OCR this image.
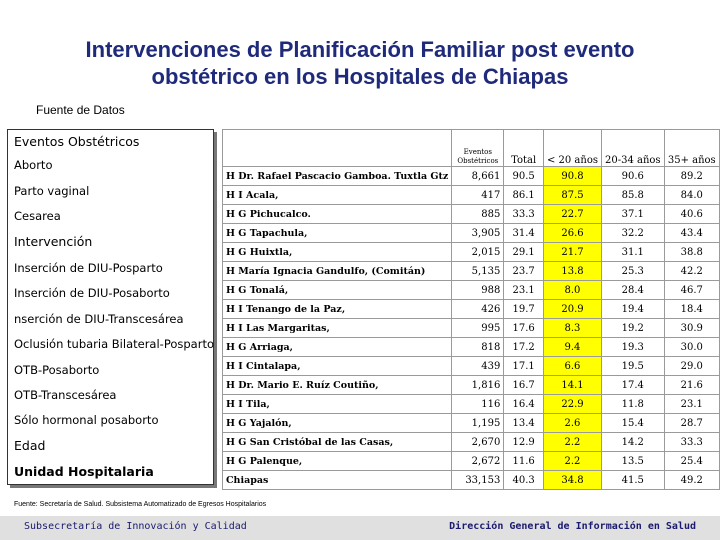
Intervenciones de Planificación Familiar post evento
obstétrico en los Hospitales de Chiapas
Fuente de Datos
Eventos Obstétricos
Aborto
Parto vaginal
Cesarea
Intervención
Inserción de DIU-Posparto
Inserción de DIU-Posaborto
nserción de DIU-Transcesárea
Oclusión tubaria Bilateral-Posparto
OTB-Posaborto
OTB-Transcesárea
Sólo hormonal posaborto
Edad
Unidad Hospitalaria
	Eventos Obstétricos	Total	< 20 años	20-34 años	35+ años
H Dr. Rafael Pascacio Gamboa. Tuxtla Gtz	8,661	90.5	90.8	90.6	89.2
H I Acala,	417	86.1	87.5	85.8	84.0
H G Pichucalco.	885	33.3	22.7	37.1	40.6
H G Tapachula,	3,905	31.4	26.6	32.2	43.4
H G Huixtla,	2,015	29.1	21.7	31.1	38.8
H María Ignacia Gandulfo, (Comitán)	5,135	23.7	13.8	25.3	42.2
H G Tonalá,	988	23.1	8.0	28.4	46.7
H I Tenango de la Paz,	426	19.7	20.9	19.4	18.4
H I Las Margaritas,	995	17.6	8.3	19.2	30.9
H G Arriaga,	818	17.2	9.4	19.3	30.0
H I Cintalapa,	439	17.1	6.6	19.5	29.0
H Dr. Mario E. Ruíz Coutiño,	1,816	16.7	14.1	17.4	21.6
H I Tila,	116	16.4	22.9	11.8	23.1
H G Yajalón,	1,195	13.4	2.6	15.4	28.7
H G San Cristóbal de las Casas,	2,670	12.9	2.2	14.2	33.3
H G Palenque,	2,672	11.6	2.2	13.5	25.4
Chiapas	33,153	40.3	34.8	41.5	49.2
Fuente: Secretaría de Salud. Subsistema Automatizado de Egresos Hospitalarios
Subsecretaría de Innovación y Calidad	Dirección General de Información en Salud
